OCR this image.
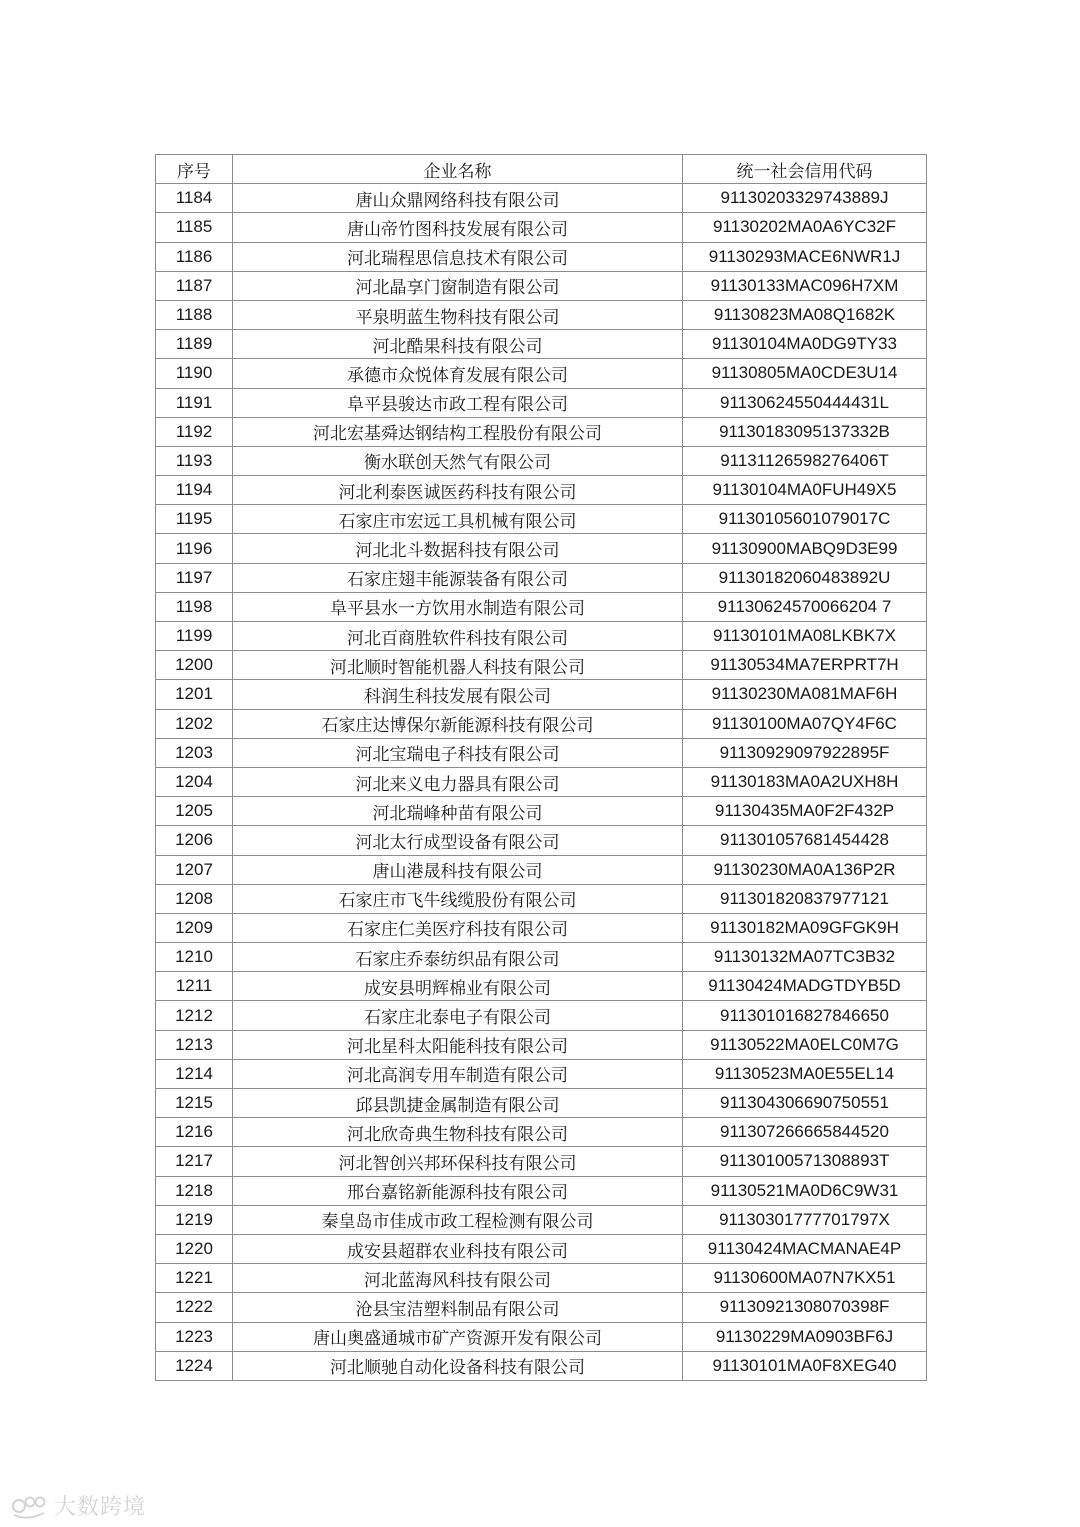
序号	企业名称	统一社会信用代码
1184	唐山众鼎网络科技有限公司	91130203329743889J
1185	唐山帝竹图科技发展有限公司	91130202MA0A6YC32F
1186	河北瑞程思信息技术有限公司	91130293MACE6NWR1J
1187	河北晶享门窗制造有限公司	91130133MAC096H7XM
1188	平泉明蓝生物科技有限公司	91130823MA08Q1682K
1189	河北酷果科技有限公司	91130104MA0DG9TY33
1190	承德市众悦体育发展有限公司	91130805MA0CDE3U14
1191	阜平县骏达市政工程有限公司	91130624550444431L
1192	河北宏基舜达钢结构工程股份有限公司	91130183095137332B
1193	衡水联创天然气有限公司	91131126598276406T
1194	河北利泰医诚医药科技有限公司	91130104MA0FUH49X5
1195	石家庄市宏远工具机械有限公司	91130105601079017C
1196	河北北斗数据科技有限公司	91130900MABQ9D3E99
1197	石家庄翅丰能源装备有限公司	91130182060483892U
1198	阜平县水一方饮用水制造有限公司	91130624570066204 7
1199	河北百商胜软件科技有限公司	91130101MA08LKBK7X
1200	河北顺时智能机器人科技有限公司	91130534MA7ERPRT7H
1201	科润生科技发展有限公司	91130230MA081MAF6H
1202	石家庄达博保尔新能源科技有限公司	91130100MA07QY4F6C
1203	河北宝瑞电子科技有限公司	91130929097922895F
1204	河北来义电力器具有限公司	91130183MA0A2UXH8H
1205	河北瑞峰种苗有限公司	91130435MA0F2F432P
1206	河北太行成型设备有限公司	911301057681454428
1207	唐山港晟科技有限公司	91130230MA0A136P2R
1208	石家庄市飞牛线缆股份有限公司	911301820837977121
1209	石家庄仁美医疗科技有限公司	91130182MA09GFGK9H
1210	石家庄乔泰纺织品有限公司	91130132MA07TC3B32
1211	成安县明辉棉业有限公司	91130424MADGTDYB5D
1212	石家庄北泰电子有限公司	911301016827846650
1213	河北星科太阳能科技有限公司	91130522MA0ELC0M7G
1214	河北高润专用车制造有限公司	91130523MA0E55EL14
1215	邱县凯捷金属制造有限公司	911304306690750551
1216	河北欣奇典生物科技有限公司	911307266665844520
1217	河北智创兴邦环保科技有限公司	91130100571308893T
1218	邢台嘉铭新能源科技有限公司	91130521MA0D6C9W31
1219	秦皇岛市佳成市政工程检测有限公司	91130301777701797X
1220	成安县超群农业科技有限公司	91130424MACMANAE4P
1221	河北蓝海风科技有限公司	91130600MA07N7KX51
1222	沧县宝洁塑料制品有限公司	91130921308070398F
1223	唐山奥盛通城市矿产资源开发有限公司	91130229MA0903BF6J
1224	河北顺驰自动化设备科技有限公司	91130101MA0F8XEG40
大数跨境
